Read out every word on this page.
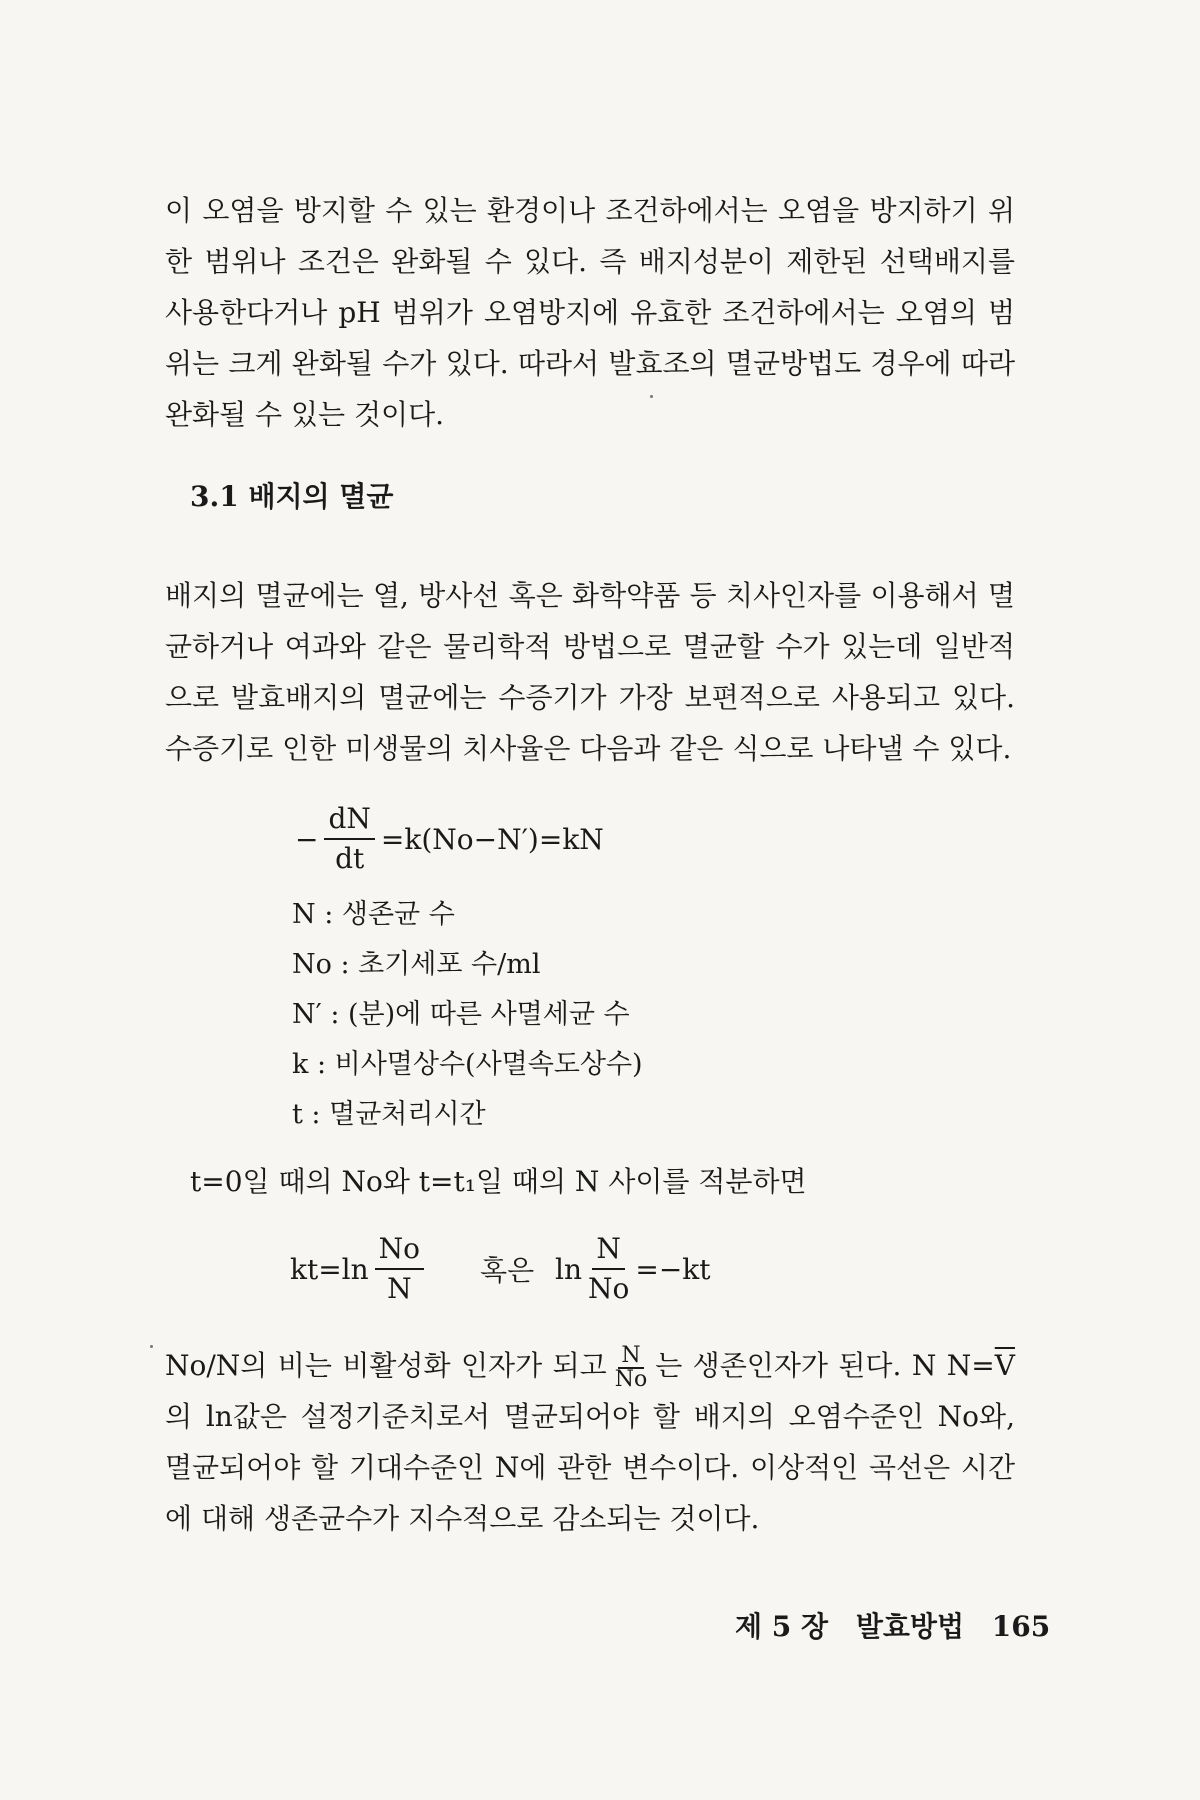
이 오염을 방지할 수 있는 환경이나 조건하에서는 오염을 방지하기 위한 범위나 조건은 완화될 수 있다. 즉 배지성분이 제한된 선택배지를 사용한다거나 pH 범위가 오염방지에 유효한 조건하에서는 오염의 범위는 크게 완화될 수가 있다. 따라서 발효조의 멸균방법도 경우에 따라 완화될 수 있는 것이다.

3.1 배지의 멸균

배지의 멸균에는 열, 방사선 혹은 화학약품 등 치사인자를 이용해서 멸균하거나 여과와 같은 물리학적 방법으로 멸균할 수가 있는데 일반적으로 발효배지의 멸균에는 수증기가 가장 보편적으로 사용되고 있다. 수증기로 인한 미생물의 치사율은 다음과 같은 식으로 나타낼 수 있다.

− $\frac{dN}{dt} =k(No-N')=kN$
N : 생존균 수
No : 초기세포 수/ml
N′ : (분)에 따른 사멸세균 수
k : 비사멸상수(사멸속도상수)
t : 멸균처리시간

t=0일 때의 No와 t=t₁일 때의 N 사이를 적분하면

$kt=\ln \frac{No}{N}$ 혹은 $\ln \frac{N}{No} =-kt$

No/N의 비는 비활성화 인자가 되고 $\frac{N}{No}$ 는 생존인자가 된다. N $N=\overline{V}$의 ln값은 설정기준치로서 멸균되어야 할 배지의 오염수준인 No와, 멸균되어야 할 기대수준인 N에 관한 변수이다. 이상적인 곡선은 시간에 대해 생존균수가 지수적으로 감소되는 것이다.

제 5 장 발효방법 165
